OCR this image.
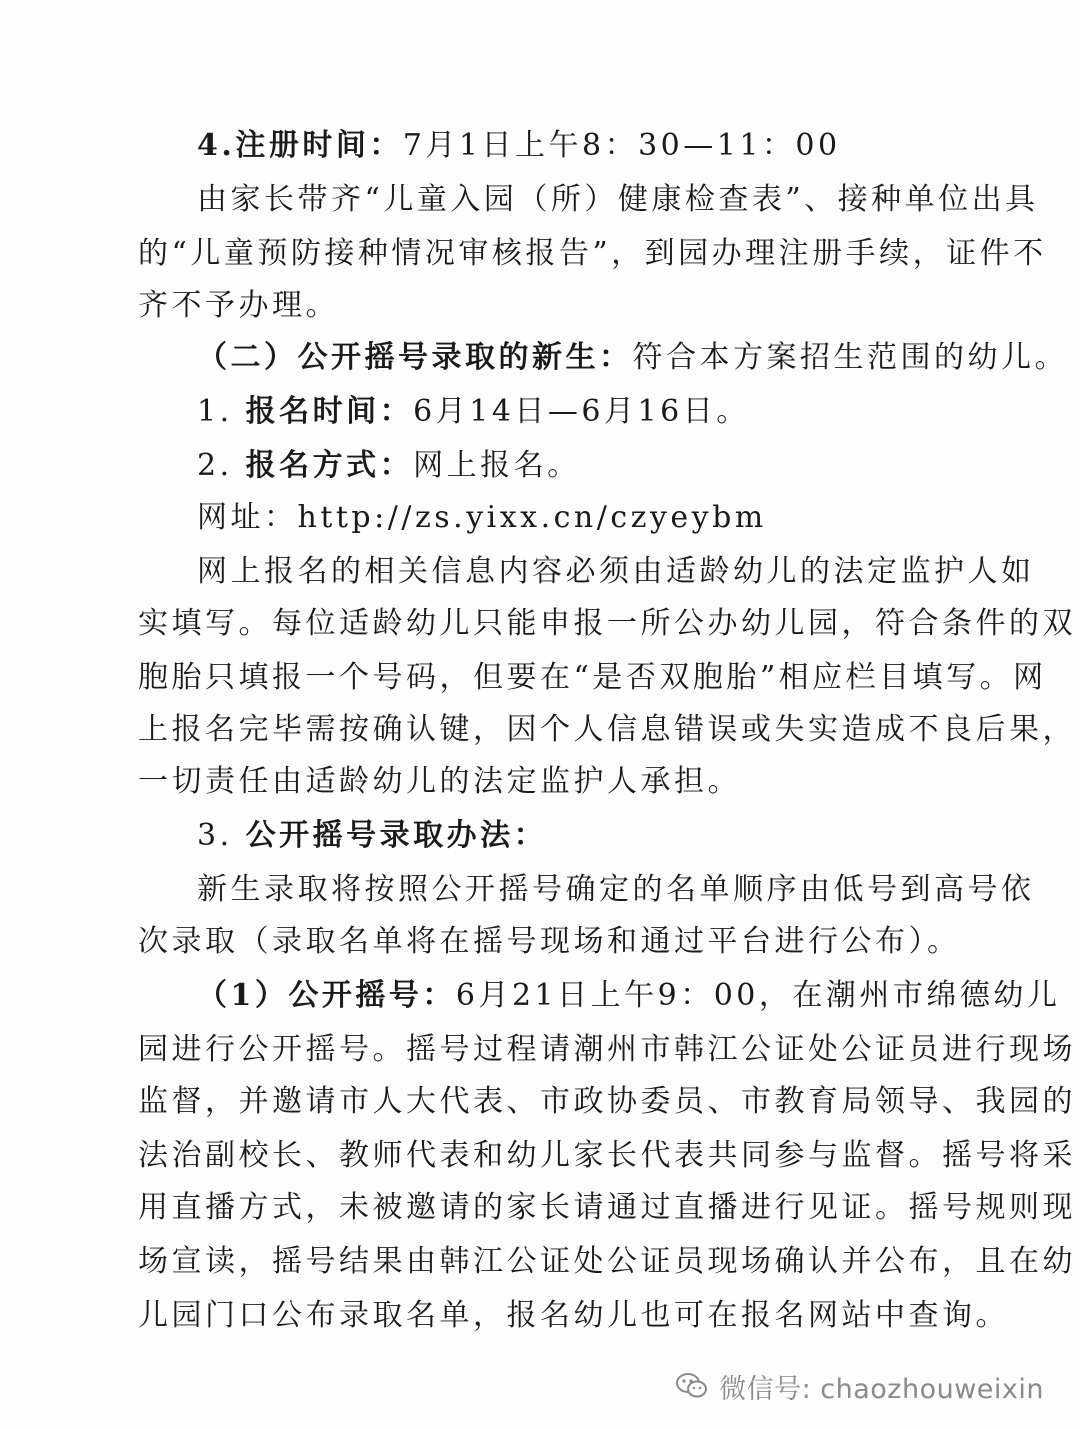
4.注册时间：7月1日上午8：30—11：00
由家长带齐“儿童入园（所）健康检查表”、接种单位出具
的“儿童预防接种情况审核报告”，到园办理注册手续，证件不
齐不予办理。
（二）公开摇号录取的新生：符合本方案招生范围的幼儿。
1. 报名时间：6月14日—6月16日。
2. 报名方式：网上报名。
网址：http://zs.yixx.cn/czyeybm
网上报名的相关信息内容必须由适龄幼儿的法定监护人如
实填写。每位适龄幼儿只能申报一所公办幼儿园，符合条件的双
胞胎只填报一个号码，但要在“是否双胞胎”相应栏目填写。网
上报名完毕需按确认键，因个人信息错误或失实造成不良后果，
一切责任由适龄幼儿的法定监护人承担。
3. 公开摇号录取办法：
新生录取将按照公开摇号确定的名单顺序由低号到高号依
次录取（录取名单将在摇号现场和通过平台进行公布）。
（1）公开摇号：6月21日上午9：00，在潮州市绵德幼儿
园进行公开摇号。摇号过程请潮州市韩江公证处公证员进行现场
监督，并邀请市人大代表、市政协委员、市教育局领导、我园的
法治副校长、教师代表和幼儿家长代表共同参与监督。摇号将采
用直播方式，未被邀请的家长请通过直播进行见证。摇号规则现
场宣读，摇号结果由韩江公证处公证员现场确认并公布，且在幼
儿园门口公布录取名单，报名幼儿也可在报名网站中查询。
微信号: chaozhouweixin
